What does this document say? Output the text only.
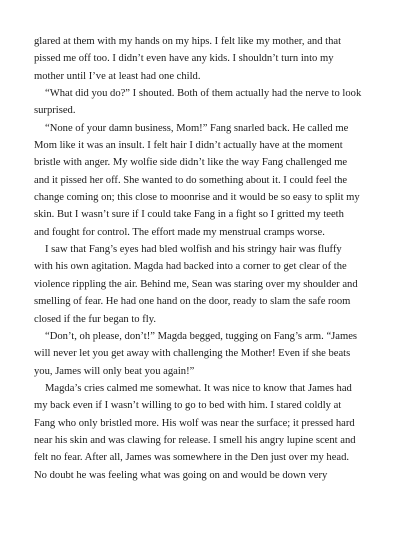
glared at them with my hands on my hips. I felt like my mother, and that
pissed me off too. I didn’t even have any kids. I shouldn’t turn into my
mother until I’ve at least had one child.
“What did you do?” I shouted. Both of them actually had the nerve to look
surprised.
“None of your damn business, Mom!” Fang snarled back. He called me
Mom like it was an insult. I felt hair I didn’t actually have at the moment
bristle with anger. My wolfie side didn’t like the way Fang challenged me
and it pissed her off. She wanted to do something about it. I could feel the
change coming on; this close to moonrise and it would be so easy to split my
skin. But I wasn’t sure if I could take Fang in a fight so I gritted my teeth
and fought for control. The effort made my menstrual cramps worse.
I saw that Fang’s eyes had bled wolfish and his stringy hair was fluffy
with his own agitation. Magda had backed into a corner to get clear of the
violence rippling the air. Behind me, Sean was staring over my shoulder and
smelling of fear. He had one hand on the door, ready to slam the safe room
closed if the fur began to fly.
“Don’t, oh please, don’t!” Magda begged, tugging on Fang’s arm. “James
will never let you get away with challenging the Mother! Even if she beats
you, James will only beat you again!”
Magda’s cries calmed me somewhat. It was nice to know that James had
my back even if I wasn’t willing to go to bed with him. I stared coldly at
Fang who only bristled more. His wolf was near the surface; it pressed hard
near his skin and was clawing for release. I smell his angry lupine scent and
felt no fear. After all, James was somewhere in the Den just over my head.
No doubt he was feeling what was going on and would be down very
